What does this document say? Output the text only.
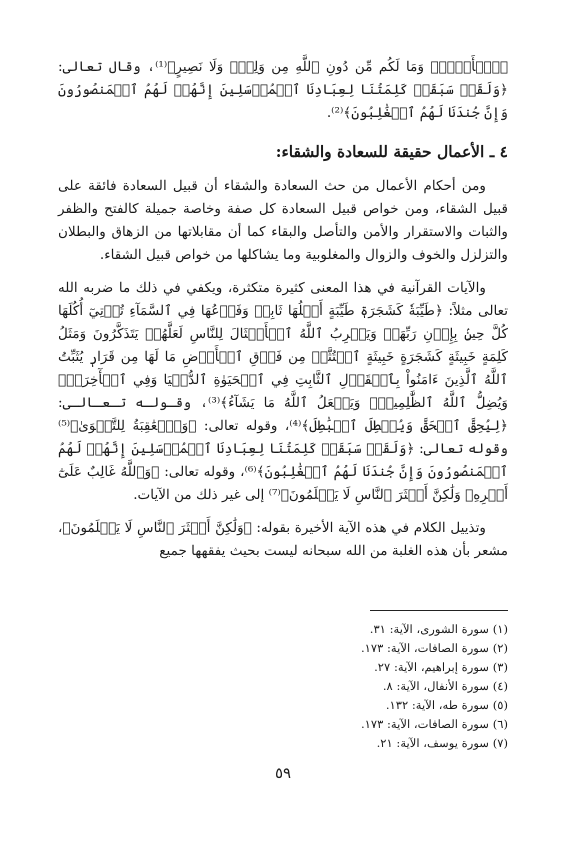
﴿ٱلۡأَرۡضِۖ وَمَا لَكُم مِّن دُونِ ٱللَّهِ مِن وَلِيّٖ وَلَا نَصِيرٍ﴾⁽¹⁾، وقال تعالى: ﴿وَلَقَدۡ سَبَقَتۡ كَلِمَتُنَا لِعِبَادِنَا ٱلۡمُرۡسَلِينَ إِنَّهُمۡ لَهُمُ ٱلۡمَنصُورُونَ وَإِنَّ جُندَنَا لَهُمُ ٱلۡغَٰلِبُونَ﴾⁽²⁾.

٤ ـ الأعمال حقيقة للسعادة والشقاء:

ومن أحكام الأعمال من حث السعادة والشقاء أن قبيل السعادة فائقة على قبيل الشقاء، ومن خواص قبيل السعادة كل صفة وخاصة جميلة كالفتح والظفر والثبات والاستقرار والأمن والتأصل والبقاء كما أن مقابلاتها من الزهاق والبطلان والتزلزل والخوف والزوال والمغلوبية وما يشاكلها من خواص قبيل الشقاء.

والآيات القرآنية في هذا المعنى كثيرة متكثرة، ويكفي في ذلك ما ضربه الله تعالى مثلاً: ﴿طَيِّبَةٗ كَشَجَرَةٖ طَيِّبَةٍ أَصۡلُهَا ثَابِتٞ وَفَرۡعُهَا فِي ٱلسَّمَآءِ تُؤۡتِيٓ أُكُلَهَا كُلَّ حِينِۢ بِإِذۡنِ رَبِّهَاۗ وَيَضۡرِبُ ٱللَّهُ ٱلۡأَمۡثَالَ لِلنَّاسِ لَعَلَّهُمۡ يَتَذَكَّرُونَ وَمَثَلُ كَلِمَةٍ خَبِيثَةٍ كَشَجَرَةٍ خَبِيثَةٍ ٱجۡتُثَّتۡ مِن فَوۡقِ ٱلۡأَرۡضِ مَا لَهَا مِن قَرَارٖ يُثَبِّتُ ٱللَّهُ ٱلَّذِينَ ءَامَنُواْ بِٱلۡقَوۡلِ ٱلثَّابِتِ فِي ٱلۡحَيَوٰةِ ٱلدُّنۡيَا وَفِي ٱلۡأٓخِرَةِۖ وَيُضِلُّ ٱللَّهُ ٱلظَّٰلِمِينَۚ وَيَفۡعَلُ ٱللَّهُ مَا يَشَآءُ﴾⁽³⁾، وقـولـه تـعـالـى: ﴿لِيُحِقَّ ٱلۡحَقَّ وَيُبۡطِلَ ٱلۡبَٰطِلَ﴾⁽⁴⁾، وقوله تعالى: ﴿وَٱلۡعَٰقِبَةُ لِلتَّقۡوَىٰ﴾⁽⁵⁾ وقوله تعالى: ﴿وَلَقَدۡ سَبَقَتۡ كَلِمَتُنَا لِعِبَادِنَا ٱلۡمُرۡسَلِينَ إِنَّهُمۡ لَهُمُ ٱلۡمَنصُورُونَ وَإِنَّ جُندَنَا لَهُمُ ٱلۡغَٰلِبُونَ﴾⁽⁶⁾، وقوله تعالى: ﴿وَٱللَّهُ غَالِبٌ عَلَىٰٓ أَمۡرِهِۦ وَلَٰكِنَّ أَكۡثَرَ ٱلنَّاسِ لَا يَعۡلَمُونَ﴾⁽⁷⁾ إلى غير ذلك من الآيات.

وتذييل الكلام في هذه الآية الأخيرة بقوله: ﴿وَلَٰكِنَّ أَكۡثَرَ ٱلنَّاسِ لَا يَعۡلَمُونَ﴾، مشعر بأن هذه الغلبة من الله سبحانه ليست بحيث يفقهها جميع

(١) سورة الشورى، الآية: ٣١.
(٢) سورة الصافات، الآية: ١٧٣.
(٣) سورة إبراهيم، الآية: ٢٧.
(٤) سورة الأنفال، الآية: ٨.
(٥) سورة طه، الآية: ١٣٢.
(٦) سورة الصافات، الآية: ١٧٣.
(٧) سورة يوسف، الآية: ٢١.
٥٩
